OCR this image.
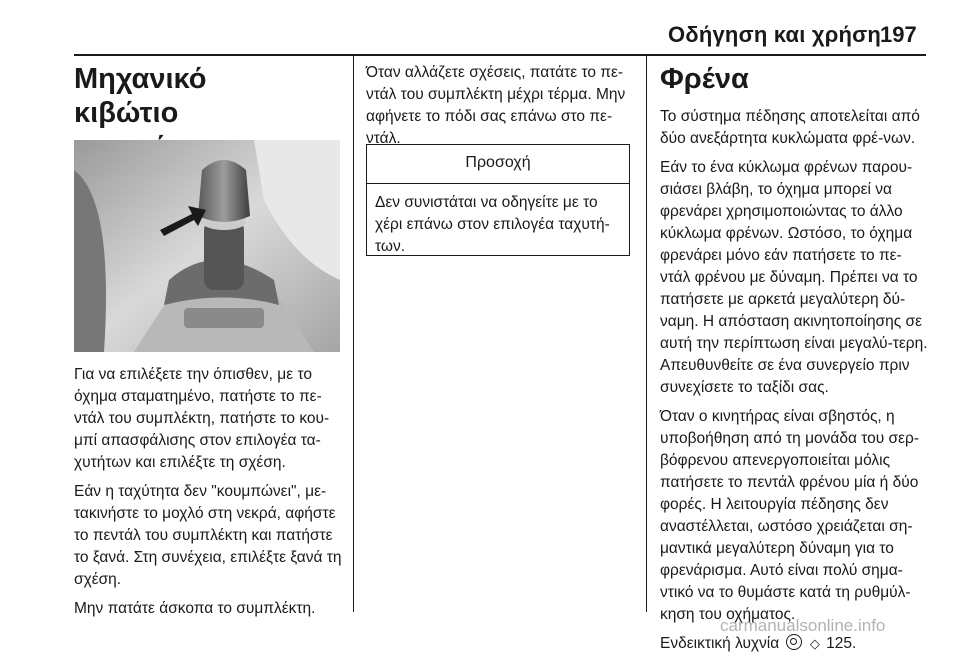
Οδήγηση και χρήση
197
Μηχανικό κιβώτιο

Για να επιλέξετε την όπισθεν, με το όχημα σταματημένο, πατήστε το πε-ντάλ του συμπλέκτη, πατήστε το κου-μπί απασφάλισης στον επιλογέα τα-χυτήτων και επιλέξτε τη σχέση.

Εάν η ταχύτητα δεν "κουμπώνει", με-τακινήστε το μοχλό στη νεκρά, αφήστε το πεντάλ του συμπλέκτη και πατήστε το ξανά. Στη συνέχεια, επιλέξτε ξανά τη σχέση.

Μην πατάτε άσκοπα το συμπλέκτη.

Όταν αλλάζετε σχέσεις, πατάτε το πε-ντάλ του συμπλέκτη μέχρι τέρμα. Μην αφήνετε το πόδι σας επάνω στο πε-ντάλ.

Προσοχή
Δεν συνιστάται να οδηγείτε με το χέρι επάνω στον επιλογέα ταχυτή-των.
Φρένα

Το σύστημα πέδησης αποτελείται από δύο ανεξάρτητα κυκλώματα φρέ-νων.

Εάν το ένα κύκλωμα φρένων παρου-σιάσει βλάβη, το όχημα μπορεί να φρενάρει χρησιμοποιώντας το άλλο κύκλωμα φρένων. Ωστόσο, το όχημα φρενάρει μόνο εάν πατήσετε το πε-ντάλ φρένου με δύναμη. Πρέπει να το πατήσετε με αρκετά μεγαλύτερη δύ-ναμη. Η απόσταση ακινητοποίησης σε αυτή την περίπτωση είναι μεγαλύ-τερη. Απευθυνθείτε σε ένα συνεργείο πριν συνεχίσετε το ταξίδι σας.

Όταν ο κινητήρας είναι σβηστός, η υποβοήθηση από τη μονάδα του σερ-βόφρενου απενεργοποιείται μόλις πατήσετε το πεντάλ φρένου μία ή δύο φορές. Η λειτουργία πέδησης δεν αναστέλλεται, ωστόσο χρειάζεται ση-μαντικά μεγαλύτερη δύναμη για το φρενάρισμα. Αυτό είναι πολύ σημα-ντικό να το θυμάστε κατά τη ρυθμύλ-κηση του οχήματος.

Ενδεικτική λυχνία ◇ 125.

carmanualsonline.info
